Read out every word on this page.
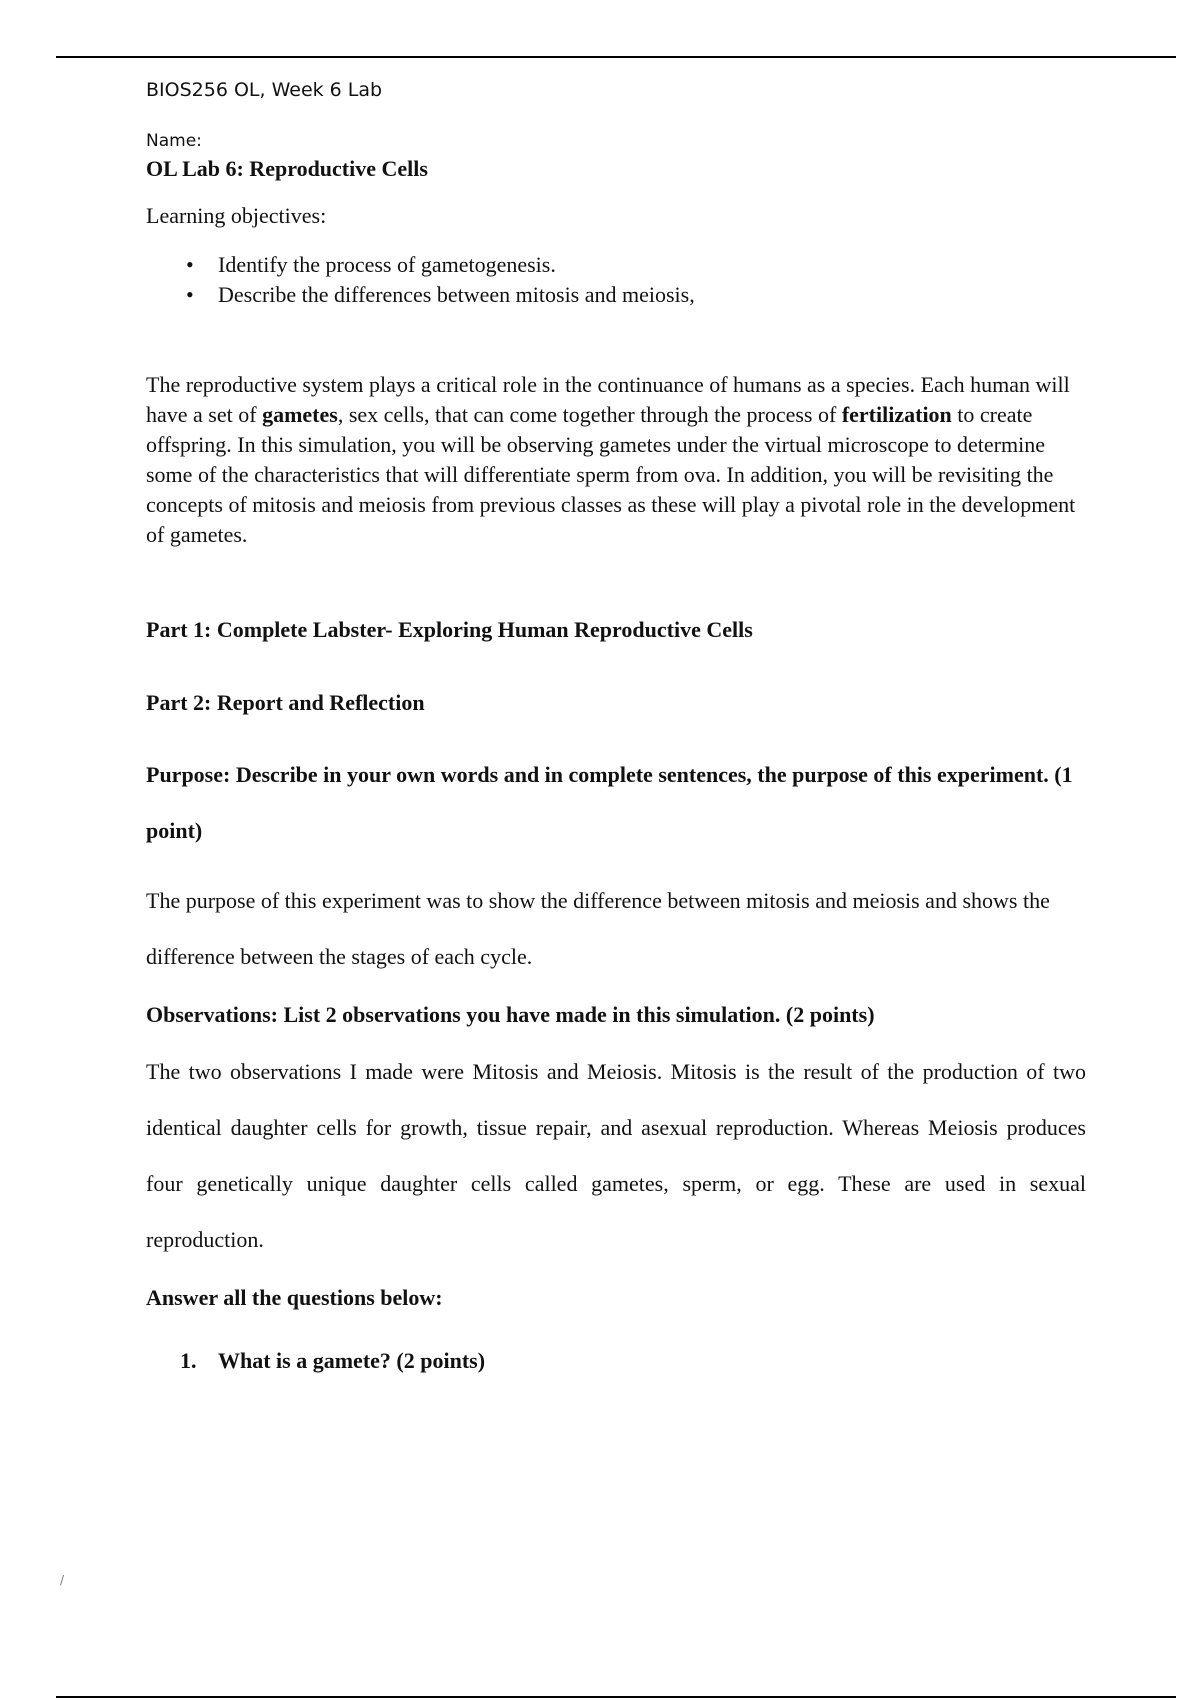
BIOS256 OL, Week 6 Lab
Name:
OL Lab 6: Reproductive Cells
Learning objectives:
• Identify the process of gametogenesis.
• Describe the differences between mitosis and meiosis,
The reproductive system plays a critical role in the continuance of humans as a species. Each human will have a set of gametes, sex cells, that can come together through the process of fertilization to create offspring. In this simulation, you will be observing gametes under the virtual microscope to determine some of the characteristics that will differentiate sperm from ova. In addition, you will be revisiting the concepts of mitosis and meiosis from previous classes as these will play a pivotal role in the development of gametes.
Part 1: Complete Labster- Exploring Human Reproductive Cells
Part 2: Report and Reflection
Purpose: Describe in your own words and in complete sentences, the purpose of this experiment. (1 point)
The purpose of this experiment was to show the difference between mitosis and meiosis and shows the difference between the stages of each cycle.
Observations: List 2 observations you have made in this simulation. (2 points)
The two observations I made were Mitosis and Meiosis. Mitosis is the result of the production of two identical daughter cells for growth, tissue repair, and asexual reproduction. Whereas Meiosis produces four genetically unique daughter cells called gametes, sperm, or egg. These are used in sexual reproduction.
Answer all the questions below:
1. What is a gamete? (2 points)
/
